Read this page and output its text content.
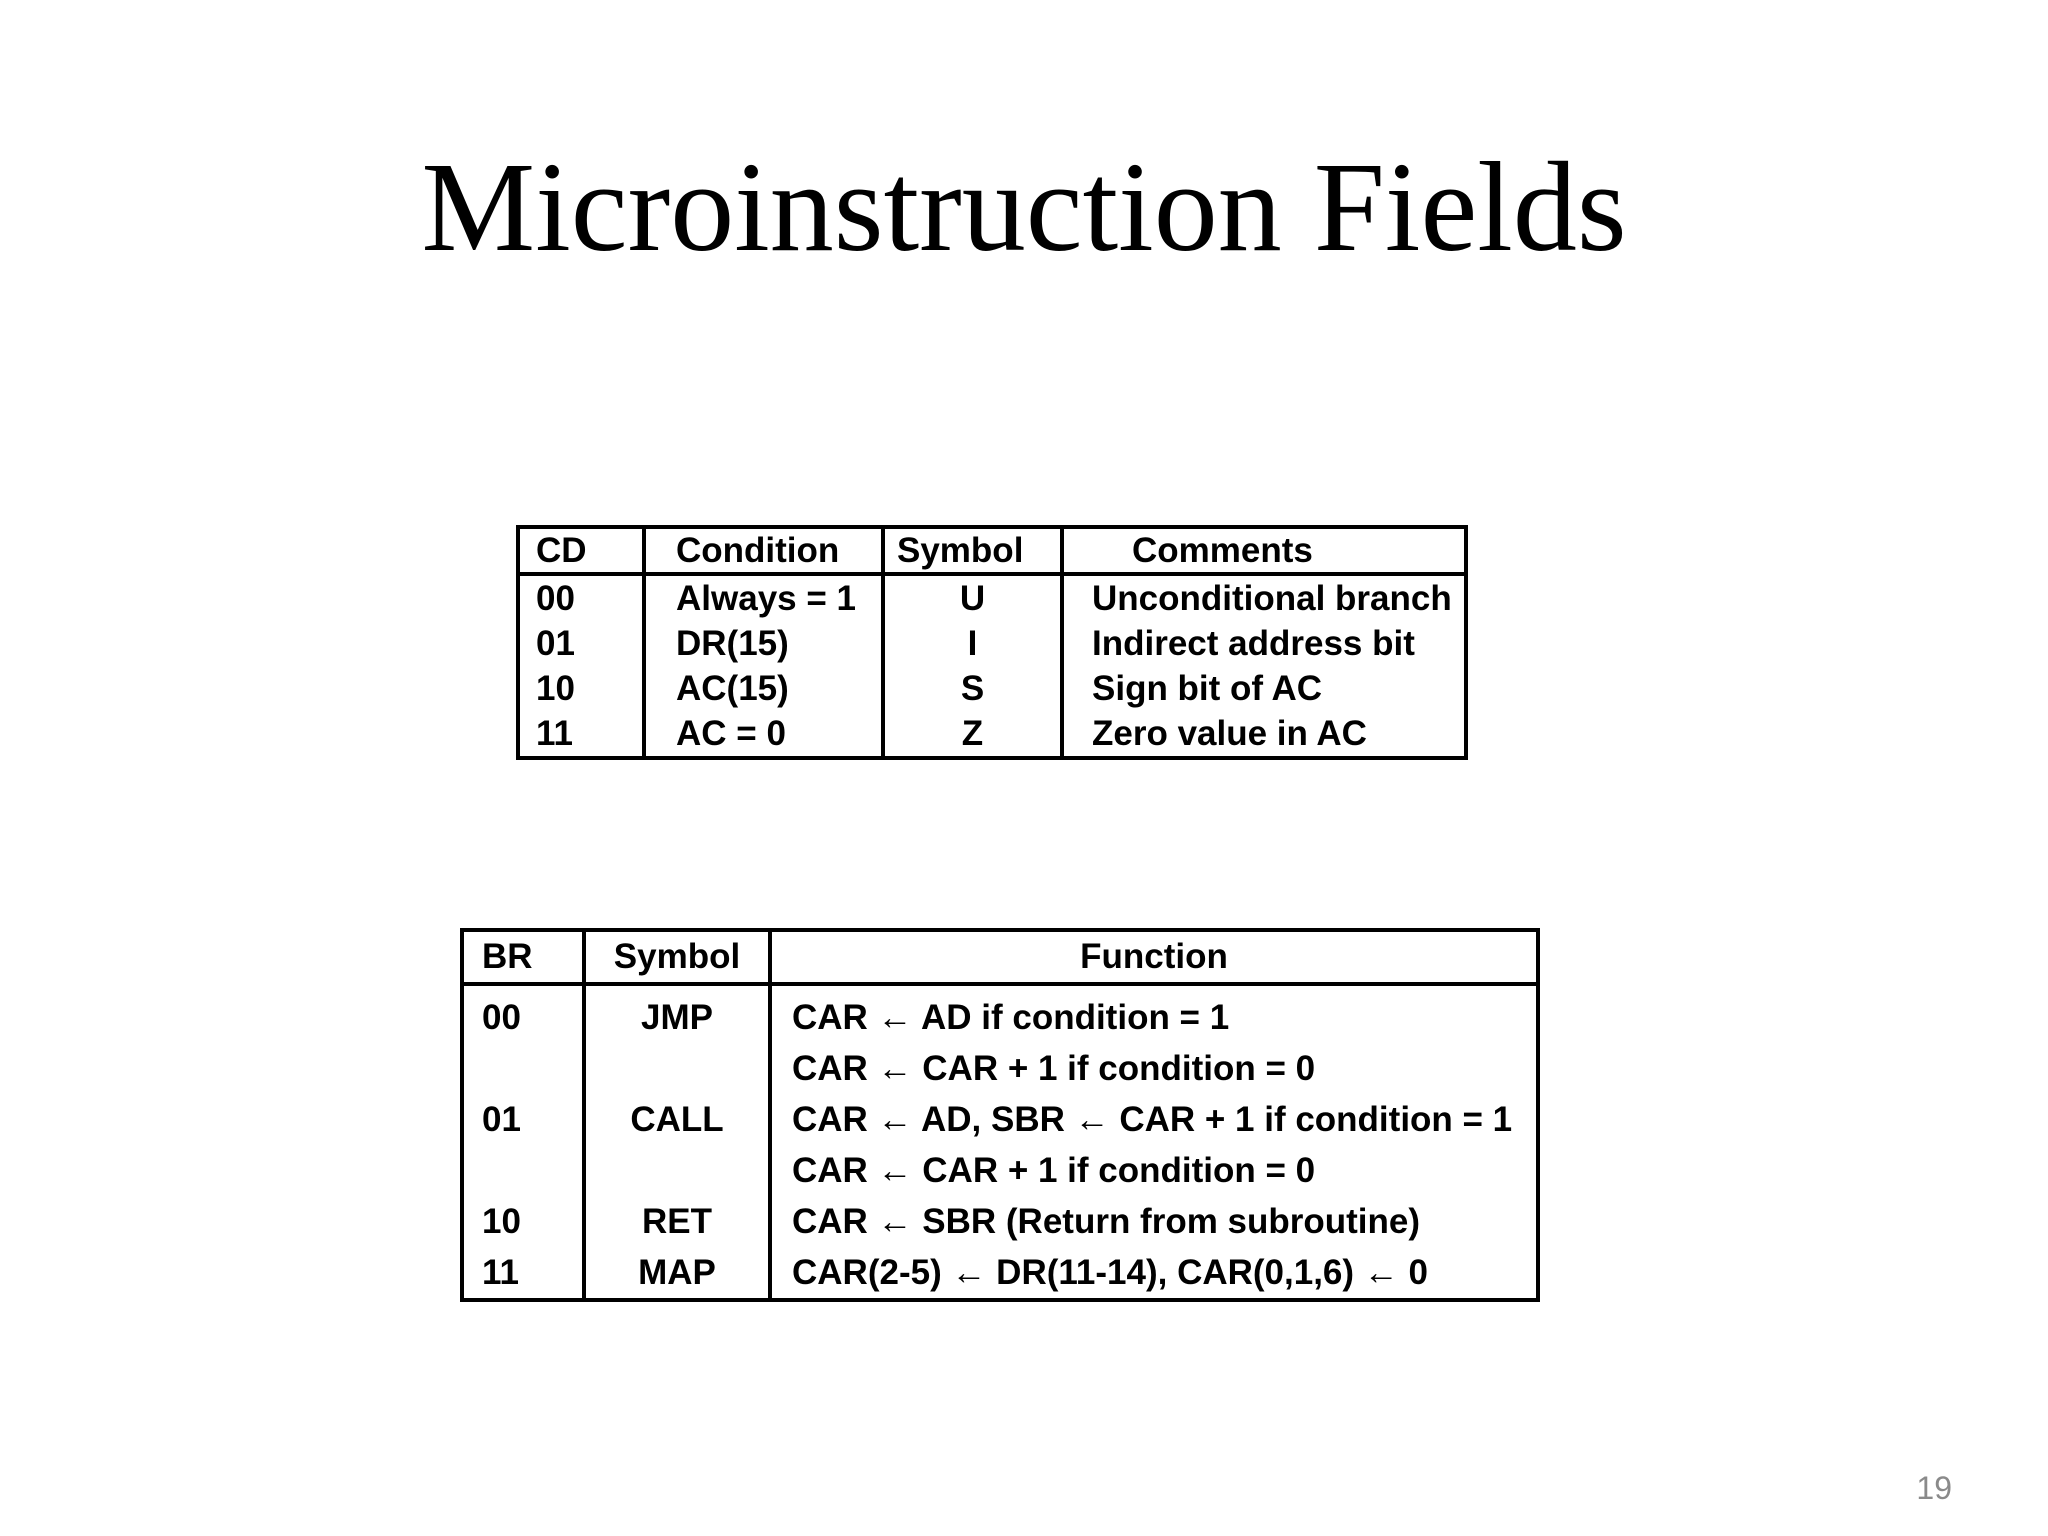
Microinstruction Fields
CD	Condition	Symbol	Comments
00	Always = 1	U	Unconditional branch
01	DR(15)	I	Indirect address bit
10	AC(15)	S	Sign bit of AC
11	AC = 0	Z	Zero value in AC
BR	Symbol	Function
00	JMP	CAR ← AD if condition = 1
		CAR ← CAR + 1 if condition = 0
01	CALL	CAR ← AD, SBR ← CAR + 1 if condition = 1
		CAR ← CAR + 1 if condition = 0
10	RET	CAR ← SBR (Return from subroutine)
11	MAP	CAR(2-5) ← DR(11-14), CAR(0,1,6) ← 0
19
